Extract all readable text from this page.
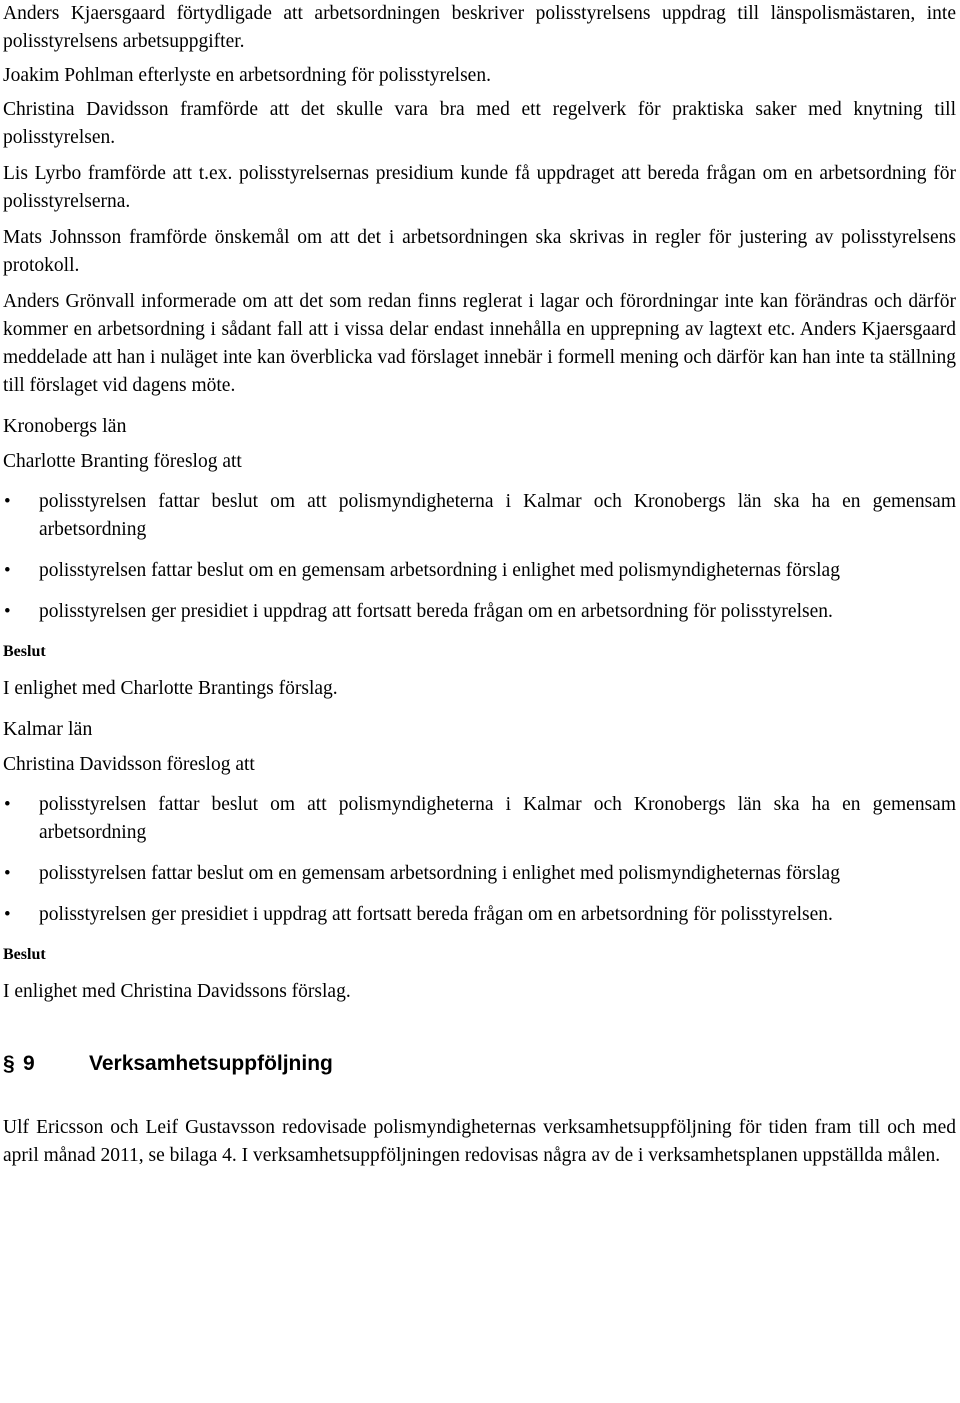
Anders Kjaersgaard förtydligade att arbetsordningen beskriver polisstyrelsens uppdrag till länspolismästaren, inte polisstyrelsens arbetsuppgifter.

Joakim Pohlman efterlyste en arbetsordning för polisstyrelsen.

Christina Davidsson framförde att det skulle vara bra med ett regelverk för praktiska saker med knytning till polisstyrelsen.

Lis Lyrbo framförde att t.ex. polisstyrelsernas presidium kunde få uppdraget att bereda frågan om en arbetsordning för polisstyrelserna.

Mats Johnsson framförde önskemål om att det i arbetsordningen ska skrivas in regler för justering av polisstyrelsens protokoll.

Anders Grönvall informerade om att det som redan finns reglerat i lagar och förordningar inte kan förändras och därför kommer en arbetsordning i sådant fall att i vissa delar endast innehålla en upprepning av lagtext etc. Anders Kjaersgaard meddelade att han i nuläget inte kan överblicka vad förslaget innebär i formell mening och därför kan han inte ta ställning till förslaget vid dagens möte.

Kronobergs län

Charlotte Branting föreslog att

• polisstyrelsen fattar beslut om att polismyndigheterna i Kalmar och Kronobergs län ska ha en gemensam arbetsordning
• polisstyrelsen fattar beslut om en gemensam arbetsordning i enlighet med polismyndigheternas förslag
• polisstyrelsen ger presidiet i uppdrag att fortsatt bereda frågan om en arbetsordning för polisstyrelsen.

Beslut

I enlighet med Charlotte Brantings förslag.

Kalmar län

Christina Davidsson föreslog att

• polisstyrelsen fattar beslut om att polismyndigheterna i Kalmar och Kronobergs län ska ha en gemensam arbetsordning
• polisstyrelsen fattar beslut om en gemensam arbetsordning i enlighet med polismyndigheternas förslag
• polisstyrelsen ger presidiet i uppdrag att fortsatt bereda frågan om en arbetsordning för polisstyrelsen.

Beslut

I enlighet med Christina Davidssons förslag.

§ 9	Verksamhetsuppföljning

Ulf Ericsson och Leif Gustavsson redovisade polismyndigheternas verksamhetsuppföljning för tiden fram till och med april månad 2011, se bilaga 4. I verksamhetsuppföljningen redovisas några av de i verksamhetsplanen uppställda målen.
